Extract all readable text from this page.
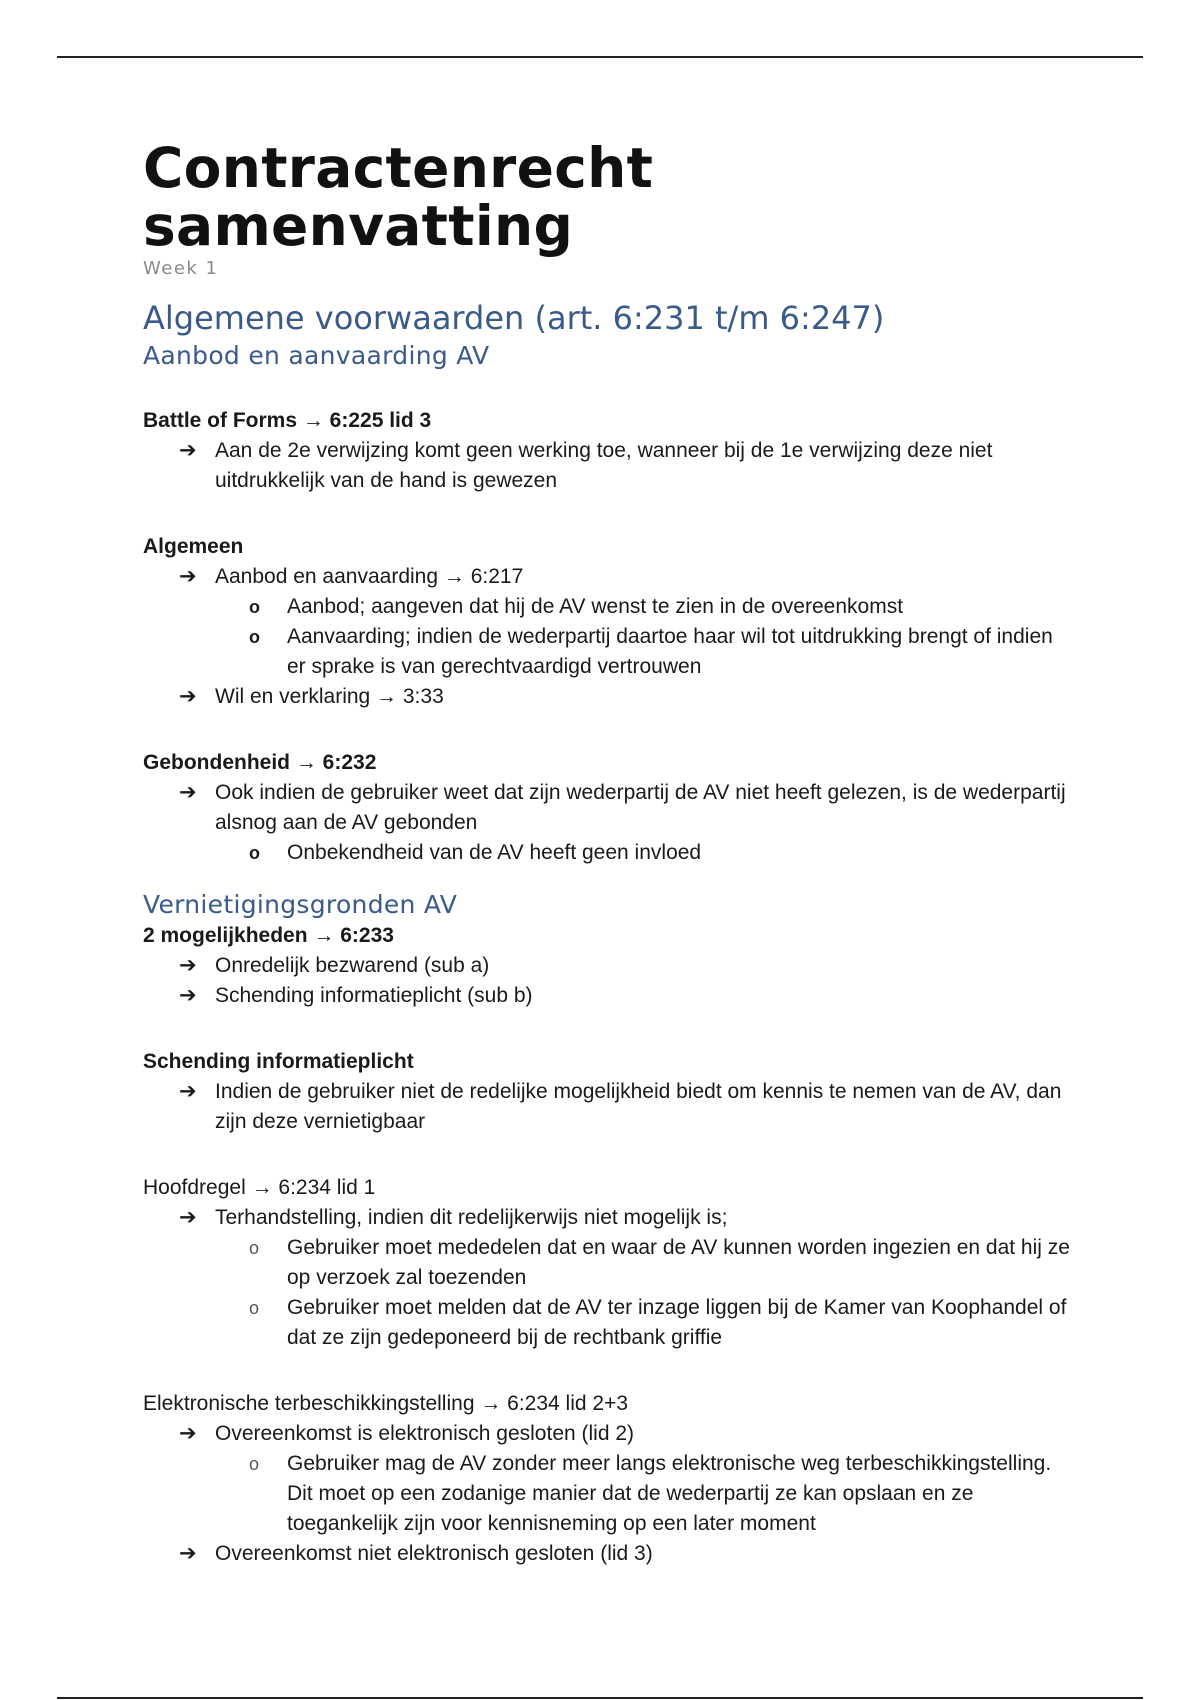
Contractenrecht samenvatting
Week 1
Algemene voorwaarden (art. 6:231 t/m 6:247)
Aanbod en aanvaarding AV

Battle of Forms → 6:225 lid 3

➔ Aan de 2e verwijzing komt geen werking toe, wanneer bij de 1e verwijzing deze niet uitdrukkelijk van de hand is gewezen

Algemeen

➔ Aanbod en aanvaarding → 6:217
o Aanbod; aangeven dat hij de AV wenst te zien in de overeenkomst
o Aanvaarding; indien de wederpartij daartoe haar wil tot uitdrukking brengt of indien er sprake is van gerechtvaardigd vertrouwen
➔ Wil en verklaring → 3:33

Gebondenheid → 6:232

➔ Ook indien de gebruiker weet dat zijn wederpartij de AV niet heeft gelezen, is de wederpartij alsnog aan de AV gebonden
o Onbekendheid van de AV heeft geen invloed
Vernietigingsgronden AV

2 mogelijkheden → 6:233

➔ Onredelijk bezwarend (sub a)
➔ Schending informatieplicht (sub b)

Schending informatieplicht

➔ Indien de gebruiker niet de redelijke mogelijkheid biedt om kennis te nemen van de AV, dan zijn deze vernietigbaar

Hoofdregel → 6:234 lid 1

➔ Terhandstelling, indien dit redelijkerwijs niet mogelijk is;
o Gebruiker moet mededelen dat en waar de AV kunnen worden ingezien en dat hij ze op verzoek zal toezenden
o Gebruiker moet melden dat de AV ter inzage liggen bij de Kamer van Koophandel of dat ze zijn gedeponeerd bij de rechtbank griffie

Elektronische terbeschikkingstelling → 6:234 lid 2+3

➔ Overeenkomst is elektronisch gesloten (lid 2)
o Gebruiker mag de AV zonder meer langs elektronische weg terbeschikkingstelling. Dit moet op een zodanige manier dat de wederpartij ze kan opslaan en ze toegankelijk zijn voor kennisneming op een later moment
➔ Overeenkomst niet elektronisch gesloten (lid 3)
